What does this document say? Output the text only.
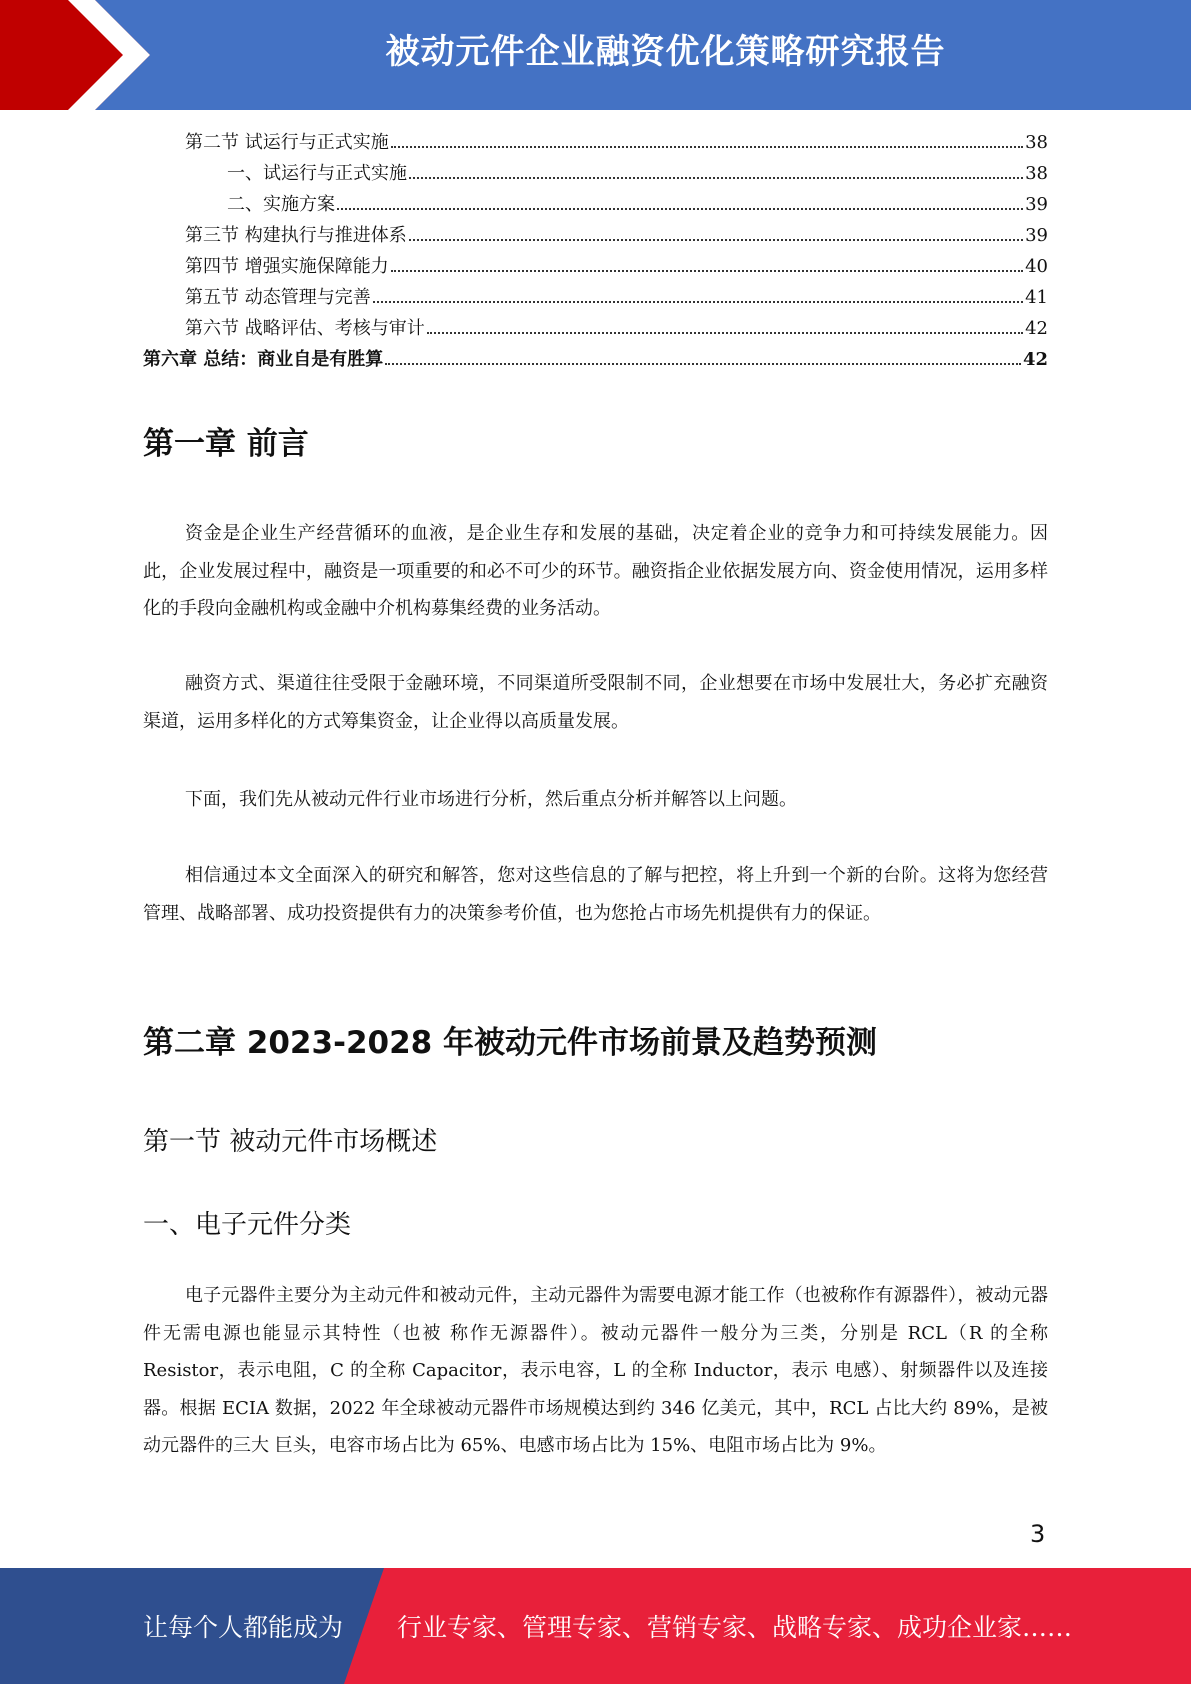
被动元件企业融资优化策略研究报告
第二节 试运行与正式实施	38
一、试运行与正式实施	38
二、实施方案	39
第三节 构建执行与推进体系	39
第四节 增强实施保障能力	40
第五节 动态管理与完善	41
第六节 战略评估、考核与审计	42
第六章 总结：商业自是有胜算	42
第一章 前言
资金是企业生产经营循环的血液，是企业生存和发展的基础，决定着企业的竞争力和可持续发展能力。因此，企业发展过程中，融资是一项重要的和必不可少的环节。融资指企业依据发展方向、资金使用情况，运用多样化的手段向金融机构或金融中介机构募集经费的业务活动。
融资方式、渠道往往受限于金融环境，不同渠道所受限制不同，企业想要在市场中发展壮大，务必扩充融资渠道，运用多样化的方式筹集资金，让企业得以高质量发展。
下面，我们先从被动元件行业市场进行分析，然后重点分析并解答以上问题。
相信通过本文全面深入的研究和解答，您对这些信息的了解与把控，将上升到一个新的台阶。这将为您经营管理、战略部署、成功投资提供有力的决策参考价值，也为您抢占市场先机提供有力的保证。
第二章 2023-2028 年被动元件市场前景及趋势预测
第一节 被动元件市场概述
一、电子元件分类
电子元器件主要分为主动元件和被动元件，主动元器件为需要电源才能工作（也被称作有源器件），被动元器件无需电源也能显示其特性（也被 称作无源器件）。被动元器件一般分为三类，分别是 RCL（R 的全称 Resistor，表示电阻，C 的全称 Capacitor，表示电容，L 的全称 Inductor，表示 电感）、射频器件以及连接器。根据 ECIA 数据，2022 年全球被动元器件市场规模达到约 346 亿美元，其中，RCL 占比大约 89%，是被动元器件的三大 巨头，电容市场占比为 65%、电感市场占比为 15%、电阻市场占比为 9%。
3
让每个人都能成为 行业专家、管理专家、营销专家、战略专家、成功企业家……
